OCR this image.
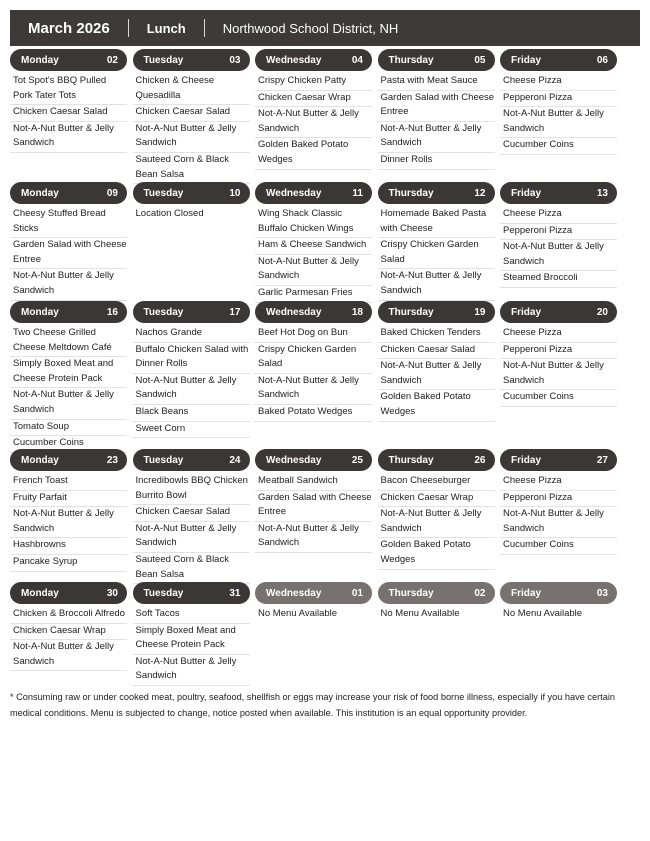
March 2026	Lunch	Northwood School District, NH
Monday	02
Tot Spot's BBQ Pulled Pork Tater Tots
Chicken Caesar Salad
Not-A-Nut Butter & Jelly Sandwich
Tuesday	03
Chicken & Cheese Quesadilla
Chicken Caesar Salad
Not-A-Nut Butter & Jelly Sandwich
Sauteed Corn & Black Bean Salsa
Wednesday	04
Crispy Chicken Patty
Chicken Caesar Wrap
Not-A-Nut Butter & Jelly Sandwich
Golden Baked Potato Wedges
Thursday	05
Pasta with Meat Sauce
Garden Salad with Cheese Entree
Not-A-Nut Butter & Jelly Sandwich
Dinner Rolls
Friday	06
Cheese Pizza
Pepperoni Pizza
Not-A-Nut Butter & Jelly Sandwich
Cucumber Coins
Monday	09
Cheesy Stuffed Bread Sticks
Garden Salad with Cheese Entree
Not-A-Nut Butter & Jelly Sandwich
Tuesday	10
Location Closed
Wednesday	11
Wing Shack Classic Buffalo Chicken Wings
Ham & Cheese Sandwich
Not-A-Nut Butter & Jelly Sandwich
Garlic Parmesan Fries
Thursday	12
Homemade Baked Pasta with Cheese
Crispy Chicken Garden Salad
Not-A-Nut Butter & Jelly Sandwich
Friday	13
Cheese Pizza
Pepperoni Pizza
Not-A-Nut Butter & Jelly Sandwich
Steamed Broccoli
Monday	16
Two Cheese Grilled Cheese Meltdown Café
Simply Boxed Meat and Cheese Protein Pack
Not-A-Nut Butter & Jelly Sandwich
Tomato Soup
Cucumber Coins
Tuesday	17
Nachos Grande
Buffalo Chicken Salad with Dinner Rolls
Not-A-Nut Butter & Jelly Sandwich
Black Beans
Sweet Corn
Wednesday	18
Beef Hot Dog on Bun
Crispy Chicken Garden Salad
Not-A-Nut Butter & Jelly Sandwich
Baked Potato Wedges
Thursday	19
Baked Chicken Tenders
Chicken Caesar Salad
Not-A-Nut Butter & Jelly Sandwich
Golden Baked Potato Wedges
Friday	20
Cheese Pizza
Pepperoni Pizza
Not-A-Nut Butter & Jelly Sandwich
Cucumber Coins
Monday	23
French Toast
Fruity Parfait
Not-A-Nut Butter & Jelly Sandwich
Hashbrowns
Pancake Syrup
Tuesday	24
Incredibowls BBQ Chicken Burrito Bowl
Chicken Caesar Salad
Not-A-Nut Butter & Jelly Sandwich
Sauteed Corn & Black Bean Salsa
Wednesday	25
Meatball Sandwich
Garden Salad with Cheese Entree
Not-A-Nut Butter & Jelly Sandwich
Thursday	26
Bacon Cheeseburger
Chicken Caesar Wrap
Not-A-Nut Butter & Jelly Sandwich
Golden Baked Potato Wedges
Friday	27
Cheese Pizza
Pepperoni Pizza
Not-A-Nut Butter & Jelly Sandwich
Cucumber Coins
Monday	30
Chicken & Broccoli Alfredo
Chicken Caesar Wrap
Not-A-Nut Butter & Jelly Sandwich
Tuesday	31
Soft Tacos
Simply Boxed Meat and Cheese Protein Pack
Not-A-Nut Butter & Jelly Sandwich
Wednesday	01
No Menu Available
Thursday	02
No Menu Available
Friday	03
No Menu Available
* Consuming raw or under cooked meat, poultry, seafood, shellfish or eggs may increase your risk of food borne illness, especially if you have certain medical conditions. Menu is subjected to change, notice posted when available. This institution is an equal opportunity provider.
